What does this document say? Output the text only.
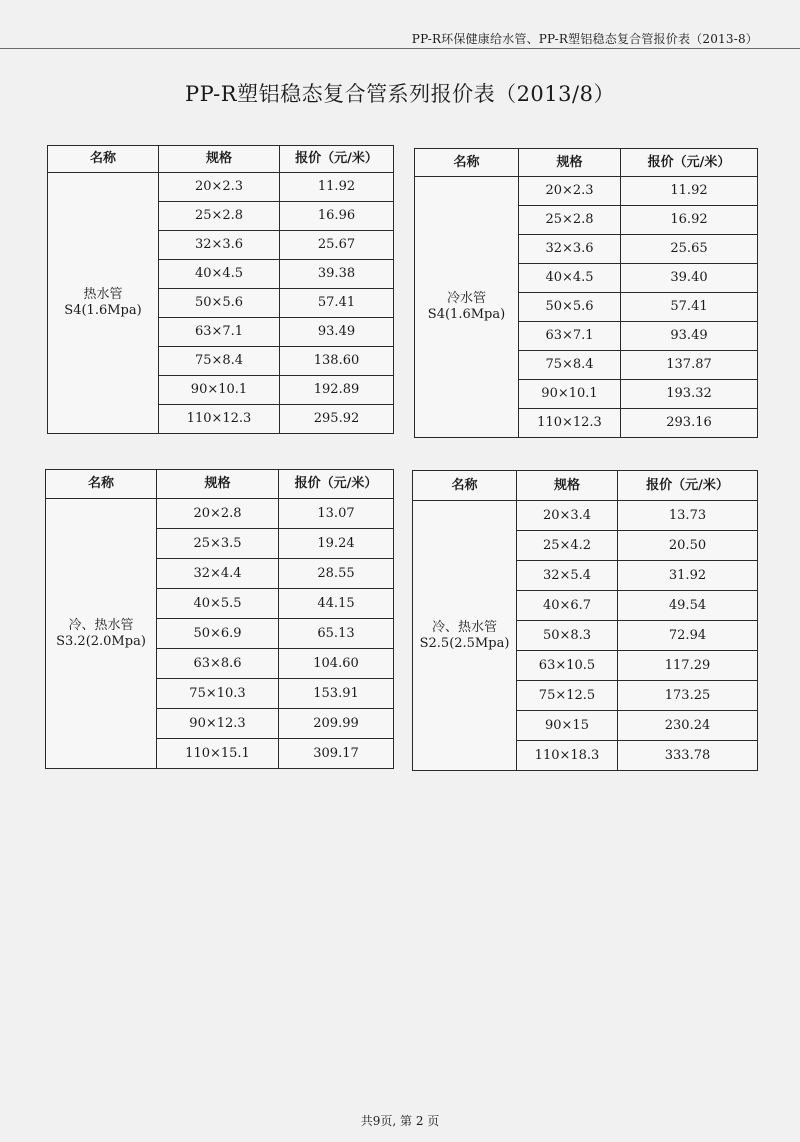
PP-R环保健康给水管、PP-R塑铝稳态复合管报价表（2013-8）
PP-R塑铝稳态复合管系列报价表（2013/8）
名称	规格	报价（元/米）

热水管
S4(1.6Mpa)	20×2.3	11.92
	25×2.8	16.96
	32×3.6	25.67
	40×4.5	39.38
	50×5.6	57.41
	63×7.1	93.49
	75×8.4	138.60
	90×10.1	192.89
	110×12.3	295.92
名称	规格	报价（元/米）

冷水管
S4(1.6Mpa)	20×2.3	11.92
	25×2.8	16.92
	32×3.6	25.65
	40×4.5	39.40
	50×5.6	57.41
	63×7.1	93.49
	75×8.4	137.87
	90×10.1	193.32
	110×12.3	293.16
名称	规格	报价（元/米）

冷、热水管
S3.2(2.0Mpa)	20×2.8	13.07
	25×3.5	19.24
	32×4.4	28.55
	40×5.5	44.15
	50×6.9	65.13
	63×8.6	104.60
	75×10.3	153.91
	90×12.3	209.99
	110×15.1	309.17
名称	规格	报价（元/米）

冷、热水管
S2.5(2.5Mpa)	20×3.4	13.73
	25×4.2	20.50
	32×5.4	31.92
	40×6.7	49.54
	50×8.3	72.94
	63×10.5	117.29
	75×12.5	173.25
	90×15	230.24
	110×18.3	333.78
共9页, 第 2 页
